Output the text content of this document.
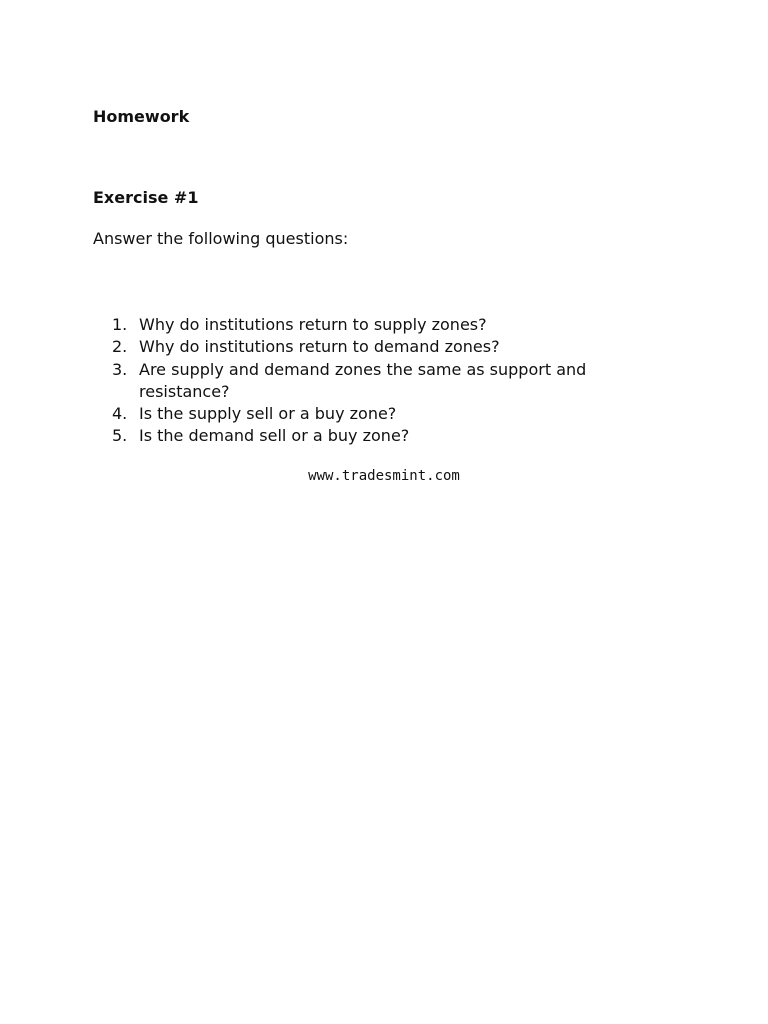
Homework
Exercise #1

Answer the following questions:

1. Why do institutions return to supply zones?
2. Why do institutions return to demand zones?
3. Are supply and demand zones the same as support and resistance?
4. Is the supply sell or a buy zone?
5. Is the demand sell or a buy zone?
www.tradesmint.com
